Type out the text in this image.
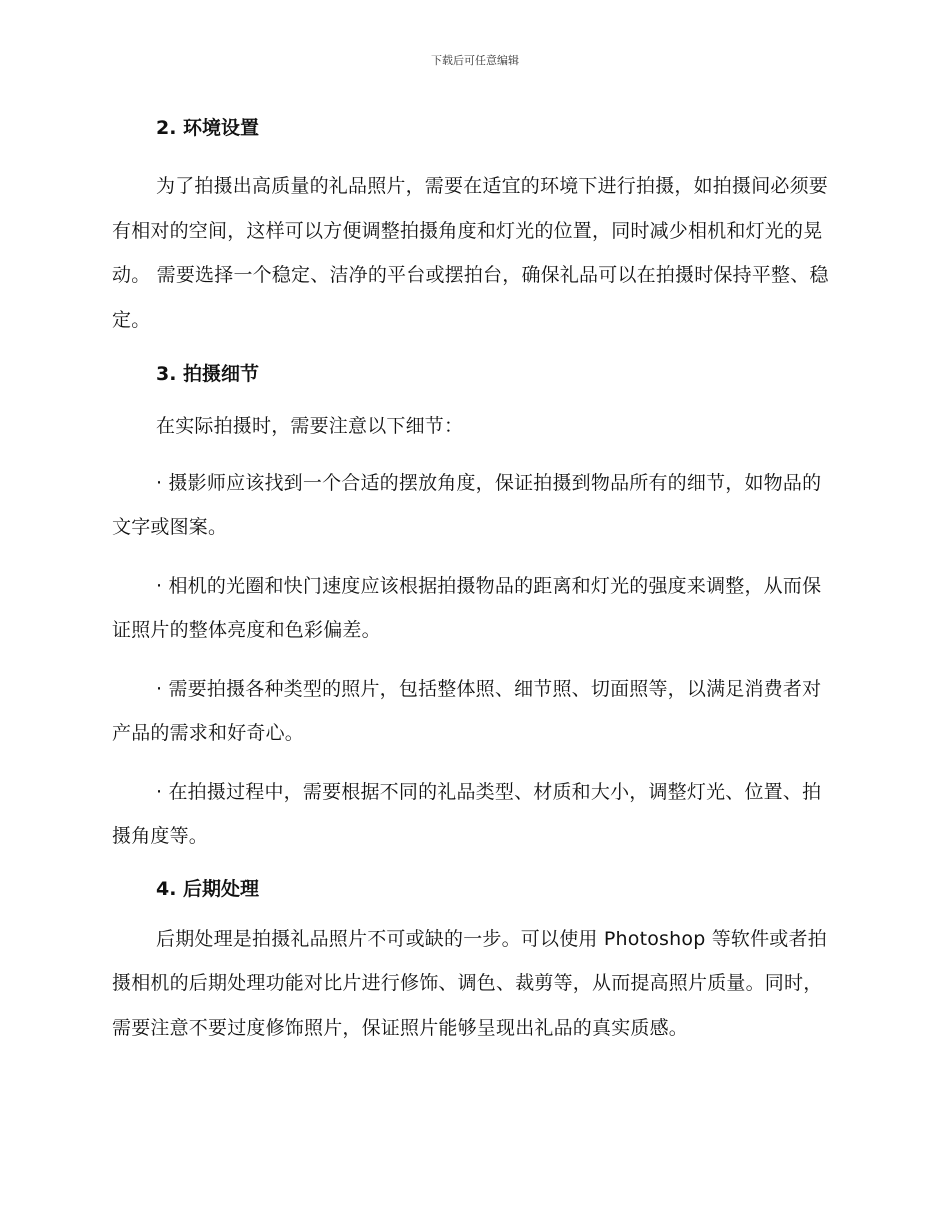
下载后可任意编辑
2. 环境设置

为了拍摄出高质量的礼品照片，需要在适宜的环境下进行拍摄，如拍摄间必须要有相对的空间，这样可以方便调整拍摄角度和灯光的位置，同时减少相机和灯光的晃动。 需要选择一个稳定、洁净的平台或摆拍台，确保礼品可以在拍摄时保持平整、稳定。

3. 拍摄细节

在实际拍摄时，需要注意以下细节：

· 摄影师应该找到一个合适的摆放角度，保证拍摄到物品所有的细节，如物品的文字或图案。

· 相机的光圈和快门速度应该根据拍摄物品的距离和灯光的强度来调整，从而保证照片的整体亮度和色彩偏差。

· 需要拍摄各种类型的照片，包括整体照、细节照、切面照等，以满足消费者对产品的需求和好奇心。

· 在拍摄过程中，需要根据不同的礼品类型、材质和大小，调整灯光、位置、拍摄角度等。

4. 后期处理

后期处理是拍摄礼品照片不可或缺的一步。可以使用 Photoshop 等软件或者拍摄相机的后期处理功能对比片进行修饰、调色、裁剪等，从而提高照片质量。同时，需要注意不要过度修饰照片，保证照片能够呈现出礼品的真实质感。
